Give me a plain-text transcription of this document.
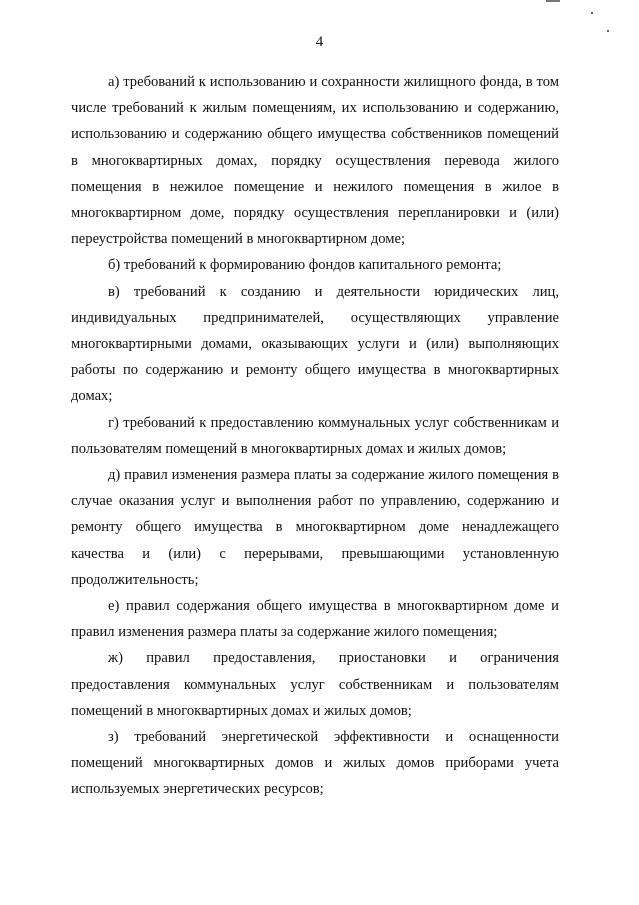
4

а) требований к использованию и сохранности жилищного фонда, в том числе требований к жилым помещениям, их использованию и содержанию, использованию и содержанию общего имущества собственников помещений в многоквартирных домах, порядку осуществления перевода жилого помещения в нежилое помещение и нежилого помещения в жилое в многоквартирном доме, порядку осуществления перепланировки и (или) переустройства помещений в многоквартирном доме;

б) требований к формированию фондов капитального ремонта;

в) требований к созданию и деятельности юридических лиц, индивидуальных предпринимателей, осуществляющих управление многоквартирными домами, оказывающих услуги и (или) выполняющих работы по содержанию и ремонту общего имущества в многоквартирных домах;

г) требований к предоставлению коммунальных услуг собственникам и пользователям помещений в многоквартирных домах и жилых домов;

д) правил изменения размера платы за содержание жилого помещения в случае оказания услуг и выполнения работ по управлению, содержанию и ремонту общего имущества в многоквартирном доме ненадлежащего качества и (или) с перерывами, превышающими установленную продолжительность;

е) правил содержания общего имущества в многоквартирном доме и правил изменения размера платы за содержание жилого помещения;

ж) правил предоставления, приостановки и ограничения предоставления коммунальных услуг собственникам и пользователям помещений в многоквартирных домах и жилых домов;

з) требований энергетической эффективности и оснащенности помещений многоквартирных домов и жилых домов приборами учета используемых энергетических ресурсов;
